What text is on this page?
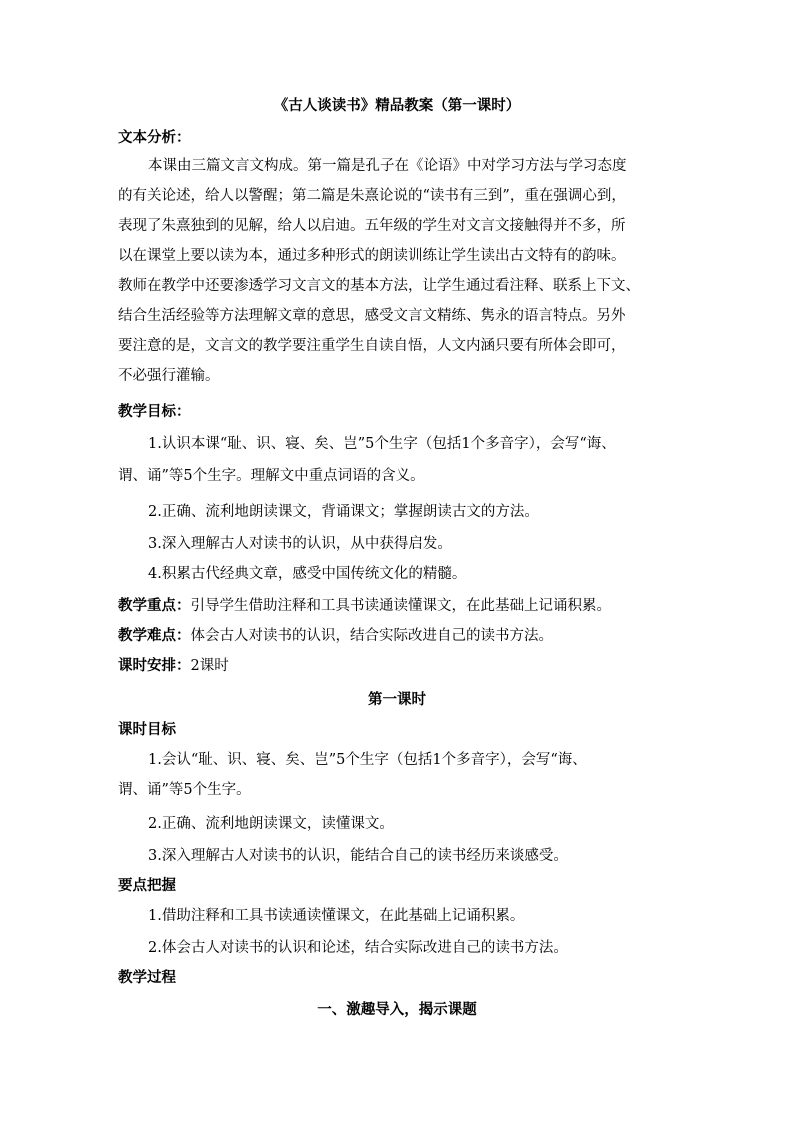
《古人谈读书》精品教案（第一课时）
文本分析：
本课由三篇文言文构成。第一篇是孔子在《论语》中对学习方法与学习态度
的有关论述，给人以警醒；第二篇是朱熹论说的“读书有三到”，重在强调心到，
表现了朱熹独到的见解，给人以启迪。五年级的学生对文言文接触得并不多，所
以在课堂上要以读为本，通过多种形式的朗读训练让学生读出古文特有的韵味。
教师在教学中还要渗透学习文言文的基本方法，让学生通过看注释、联系上下文、
结合生活经验等方法理解文章的意思，感受文言文精练、隽永的语言特点。另外
要注意的是，文言文的教学要注重学生自读自悟，人文内涵只要有所体会即可，
不必强行灌输。
教学目标：
1.认识本课“耻、识、寝、矣、岂”5个生字（包括1个多音字），会写“诲、
谓、诵”等5个生字。理解文中重点词语的含义。
2.正确、流利地朗读课文，背诵课文；掌握朗读古文的方法。
3.深入理解古人对读书的认识，从中获得启发。
4.积累古代经典文章，感受中国传统文化的精髓。
教学重点：引导学生借助注释和工具书读通读懂课文，在此基础上记诵积累。
教学难点：体会古人对读书的认识，结合实际改进自己的读书方法。
课时安排：2课时
第一课时
课时目标
1.会认“耻、识、寝、矣、岂”5个生字（包括1个多音字），会写“诲、
谓、诵”等5个生字。
2.正确、流利地朗读课文，读懂课文。
3.深入理解古人对读书的认识，能结合自己的读书经历来谈感受。
要点把握
1.借助注释和工具书读通读懂课文，在此基础上记诵积累。
2.体会古人对读书的认识和论述，结合实际改进自己的读书方法。
教学过程
一、激趣导入，揭示课题
